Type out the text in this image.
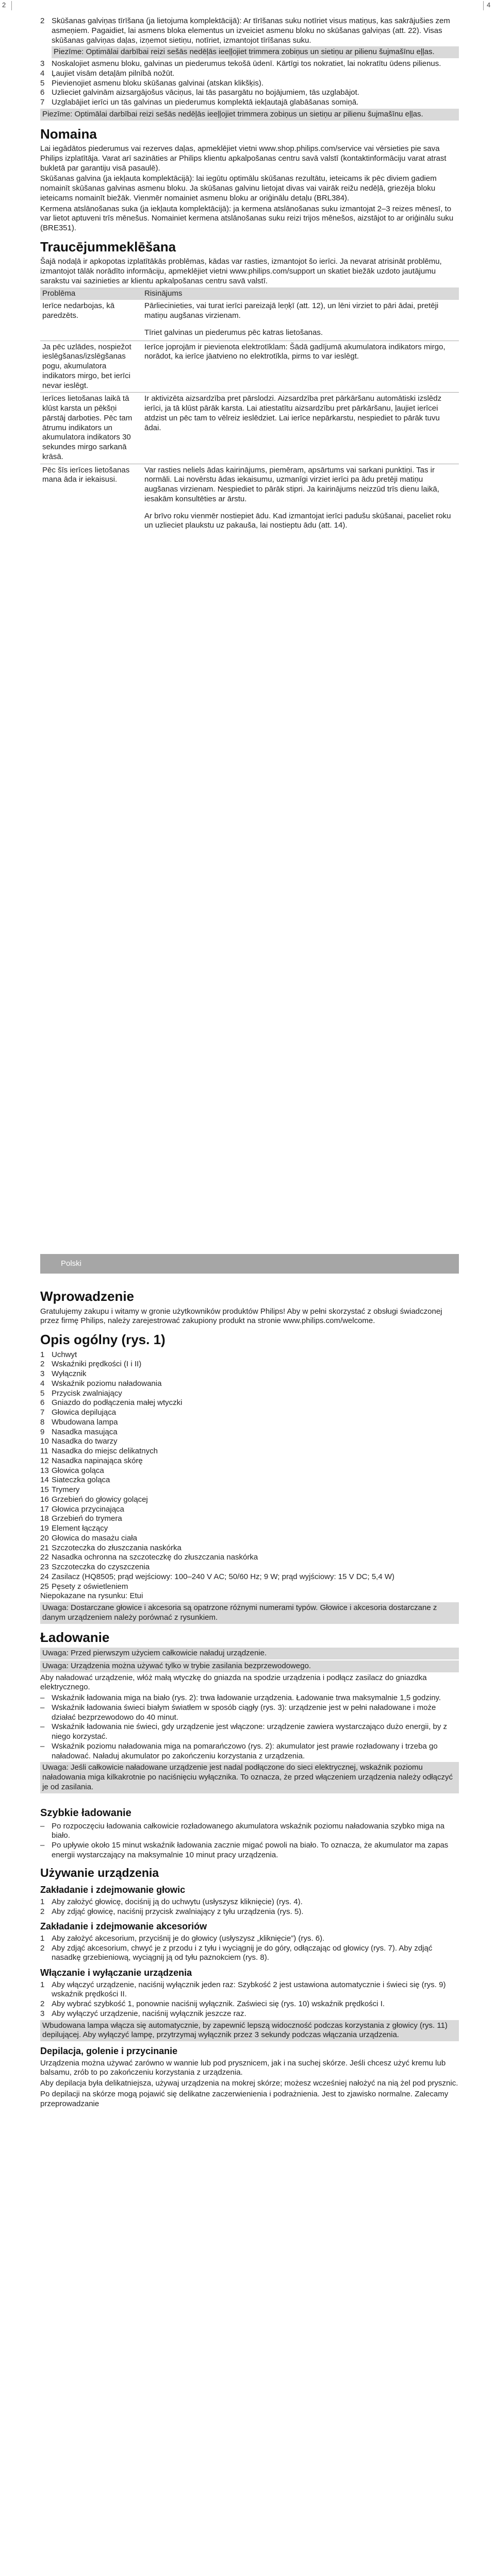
2	4
2 Skūšanas galviņas tīrīšana (ja lietojuma komplektācijā): Ar tīrīšanas suku notīriet visus matiņus, kas sakrājušies zem asmeņiem. Pagaidiet, lai asmens bloka elementus un izveiciet asmenu bloku no skūšanas galviņas (att. 22). Visas skūšanas galviņas daļas, izņemot sietiņu, notīriet, izmantojot tīrīšanas suku.
Piezīme: Optimālai darbībai reizi sešās nedēļās ieeļļojiet trimmera zobiņus un sietiņu ar pilienu šujmašīnu eļļas.
3 Noskalojiet asmenu bloku, galvinas un piederumus tekošā ūdenī. Kārtīgi tos nokratiet, lai nokratītu ūdens pilienus.
4 Ļaujiet visām detaļām pilnībā nožūt.
5 Pievienojiet asmenu bloku skūšanas galvinai (atskan klikšķis).
6 Uzlieciet galvinām aizsargājošus vāciņus, lai tās pasargātu no bojājumiem, tās uzglabājot.
7 Uzglabājiet ierīci un tās galvinas un piederumus komplektā iekļautajā glabāšanas somiņā.
Piezīme: Optimālai darbībai reizi sešās nedēļās ieeļļojiet trimmera zobiņus un sietiņu ar pilienu šujmašīnu eļļas.
Nomaina

Lai iegādātos piederumus vai rezerves daļas, apmeklējiet vietni www.shop.philips.com/service vai vērsieties pie sava Philips izplatītāja. Varat arī sazināties ar Philips klientu apkalpošanas centru savā valstī (kontaktinformāciju varat atrast bukletā par garantiju visā pasaulē).

Skūšanas galvina (ja iekļauta komplektācijā): lai iegūtu optimālu skūšanas rezultātu, ieteicams ik pēc diviem gadiem nomainīt skūšanas galvinas asmenu bloku. Ja skūšanas galvinu lietojat divas vai vairāk reižu nedēļā, griezēja bloku ieteicams nomainīt biežāk. Vienmēr nomainiet asmenu bloku ar oriģinālu detaļu (BRL384).

Kermena atslānošanas suka (ja iekļauta komplektācijā): ja kermena atslānošanas suku izmantojat 2–3 reizes mēnesī, to var lietot aptuveni trīs mēnešus. Nomainiet kermena atslānošanas suku reizi trijos mēnešos, aizstājot to ar oriģinālu suku (BRE351).

Traucējummeklēšana

Šajā nodaļā ir apkopotas izplatītākās problēmas, kādas var rasties, izmantojot šo ierīci. Ja nevarat atrisināt problēmu, izmantojot tālāk norādīto informāciju, apmeklējiet vietni www.philips.com/support un skatiet biežāk uzdoto jautājumu sarakstu vai sazinieties ar klientu apkalpošanas centru savā valstī.

Problēma	Risinājums
Ierīce nedarbojas, kā paredzēts.	Pārliecinieties, vai turat ierīci pareizajā leņķī (att. 12), un lēni virziet to pāri ādai, pretēji matiņu augšanas virzienam.

Tīriet galvinas un piederumus pēc katras lietošanas.

Ja pēc uzlādes, nospiežot ieslēgšanas/izslēgšanas pogu, akumulatora indikators mirgo, bet ierīci nevar ieslēgt.	Ierīce joprojām ir pievienota elektrotīklam: Šādā gadījumā akumulatora indikators mirgo, norādot, ka ierīce jāatvieno no elektrotīkla, pirms to var ieslēgt.
Ierīces lietošanas laikā tā klūst karsta un pēkšņi pārstāj darboties. Pēc tam ātrumu indikators un akumulatora indikators 30 sekundes mirgo sarkanā krāsā.	Ir aktivizēta aizsardzība pret pārslodzi. Aizsardzība pret pārkāršanu automātiski izslēdz ierīci, ja tā klūst pārāk karsta. Lai atiestatītu aizsardzību pret pārkāršanu, ļaujiet ierīcei atdzist un pēc tam to vēlreiz ieslēdziet. Lai ierīce nepārkarstu, nespiediet to pārāk tuvu ādai.
Pēc šīs ierīces lietošanas mana āda ir iekaisusi.	Var rasties neliels ādas kairinājums, piemēram, apsārtums vai sarkani punktiņi. Tas ir normāli. Lai novērstu ādas iekaisumu, uzmanīgi virziet ierīci pa ādu pretēji matiņu augšanas virzienam. Nespiediet to pārāk stipri. Ja kairinājums neizzūd trīs dienu laikā, iesakām konsultēties ar ārstu.

Ar brīvo roku vienmēr nostiepiet ādu. Kad izmantojat ierīci padušu skūšanai, paceliet roku un uzlieciet plaukstu uz pakauša, lai nostieptu ādu (att. 14).

Polski
Wprowadzenie

Gratulujemy zakupu i witamy w gronie użytkowników produktów Philips! Aby w pełni skorzystać z obsługi świadczonej przez firmę Philips, należy zarejestrować zakupiony produkt na stronie www.philips.com/welcome.

Opis ogólny (rys. 1)
1 Uchwyt
2 Wskaźniki prędkości (I i II)
3 Wyłącznik
4 Wskaźnik poziomu naładowania
5 Przycisk zwalniający
6 Gniazdo do podłączenia małej wtyczki
7 Głowica depilująca
8 Wbudowana lampa
9 Nasadka masująca
10 Nasadka do twarzy
11 Nasadka do miejsc delikatnych
12 Nasadka napinająca skórę
13 Głowica goląca
14 Siateczka goląca
15 Trymery
16 Grzebień do głowicy golącej
17 Głowica przycinająca
18 Grzebień do trymera
19 Element łączący
20 Głowica do masażu ciała
21 Szczoteczka do złuszczania naskórka
22 Nasadka ochronna na szczoteczkę do złuszczania naskórka
23 Szczoteczka do czyszczenia
24 Zasilacz (HQ8505; prąd wejściowy: 100–240 V AC; 50/60 Hz; 9 W; prąd wyjściowy: 15 V DC; 5,4 W)
25 Pęsety z oświetleniem

Niepokazane na rysunku: Etui

Uwaga: Dostarczane głowice i akcesoria są opatrzone różnymi numerami typów. Głowice i akcesoria dostarczane z danym urządzeniem należy porównać z rysunkiem.
Ładowanie
Uwaga: Przed pierwszym użyciem całkowicie naładuj urządzenie.
Uwaga: Urządzenia można używać tylko w trybie zasilania bezprzewodowego.

Aby naładować urządzenie, włóż małą wtyczkę do gniazda na spodzie urządzenia i podłącz zasilacz do gniazdka elektrycznego.

– Wskaźnik ładowania miga na biało (rys. 2): trwa ładowanie urządzenia. Ładowanie trwa maksymalnie 1,5 godziny.
– Wskaźnik ładowania świeci białym światłem w sposób ciągły (rys. 3): urządzenie jest w pełni naładowane i może działać bezprzewodowo do 40 minut.
– Wskaźnik ładowania nie świeci, gdy urządzenie jest włączone: urządzenie zawiera wystarczająco dużo energii, by z niego korzystać.
– Wskaźnik poziomu naładowania miga na pomarańczowo (rys. 2): akumulator jest prawie rozładowany i trzeba go naładować. Naładuj akumulator po zakończeniu korzystania z urządzenia.
Uwaga: Jeśli całkowicie naładowane urządzenie jest nadal podłączone do sieci elektrycznej, wskaźnik poziomu naładowania miga kilkakrotnie po naciśnięciu wyłącznika. To oznacza, że przed włączeniem urządzenia należy odłączyć je od zasilania.
Szybkie ładowanie
– Po rozpoczęciu ładowania całkowicie rozładowanego akumulatora wskaźnik poziomu naładowania szybko miga na biało.
– Po upływie około 15 minut wskaźnik ładowania zacznie migać powoli na biało. To oznacza, że akumulator ma zapas energii wystarczający na maksymalnie 10 minut pracy urządzenia.
Używanie urządzenia
Zakładanie i zdejmowanie głowic
1 Aby założyć głowicę, dociśnij ją do uchwytu (usłyszysz kliknięcie) (rys. 4).
2 Aby zdjąć głowicę, naciśnij przycisk zwalniający z tyłu urządzenia (rys. 5).
Zakładanie i zdejmowanie akcesoriów
1 Aby założyć akcesorium, przyciśnij je do głowicy (usłyszysz „kliknięcie”) (rys. 6).
2 Aby zdjąć akcesorium, chwyć je z przodu i z tyłu i wyciągnij je do góry, odłączając od głowicy (rys. 7). Aby zdjąć nasadkę grzebieniową, wyciągnij ją od tyłu paznokciem (rys. 8).
Włączanie i wyłączanie urządzenia
1 Aby włączyć urządzenie, naciśnij wyłącznik jeden raz: Szybkość 2 jest ustawiona automatycznie i świeci się (rys. 9) wskaźnik prędkości II.
2 Aby wybrać szybkość 1, ponownie naciśnij wyłącznik. Zaświeci się (rys. 10) wskaźnik prędkości I.
3 Aby wyłączyć urządzenie, naciśnij wyłącznik jeszcze raz.
Wbudowana lampa włącza się automatycznie, by zapewnić lepszą widoczność podczas korzystania z głowicy (rys. 11) depilującej. Aby wyłączyć lampę, przytrzymaj wyłącznik przez 3 sekundy podczas włączania urządzenia.
Depilacja, golenie i przycinanie

Urządzenia można używać zarówno w wannie lub pod prysznicem, jak i na suchej skórze. Jeśli chcesz użyć kremu lub balsamu, zrób to po zakończeniu korzystania z urządzenia.

Aby depilacja była delikatniejsza, używaj urządzenia na mokrej skórze; możesz wcześniej nałożyć na nią żel pod prysznic.

Po depilacji na skórze mogą pojawić się delikatne zaczerwienienia i podrażnienia. Jest to zjawisko normalne. Zalecamy przeprowadzanie
